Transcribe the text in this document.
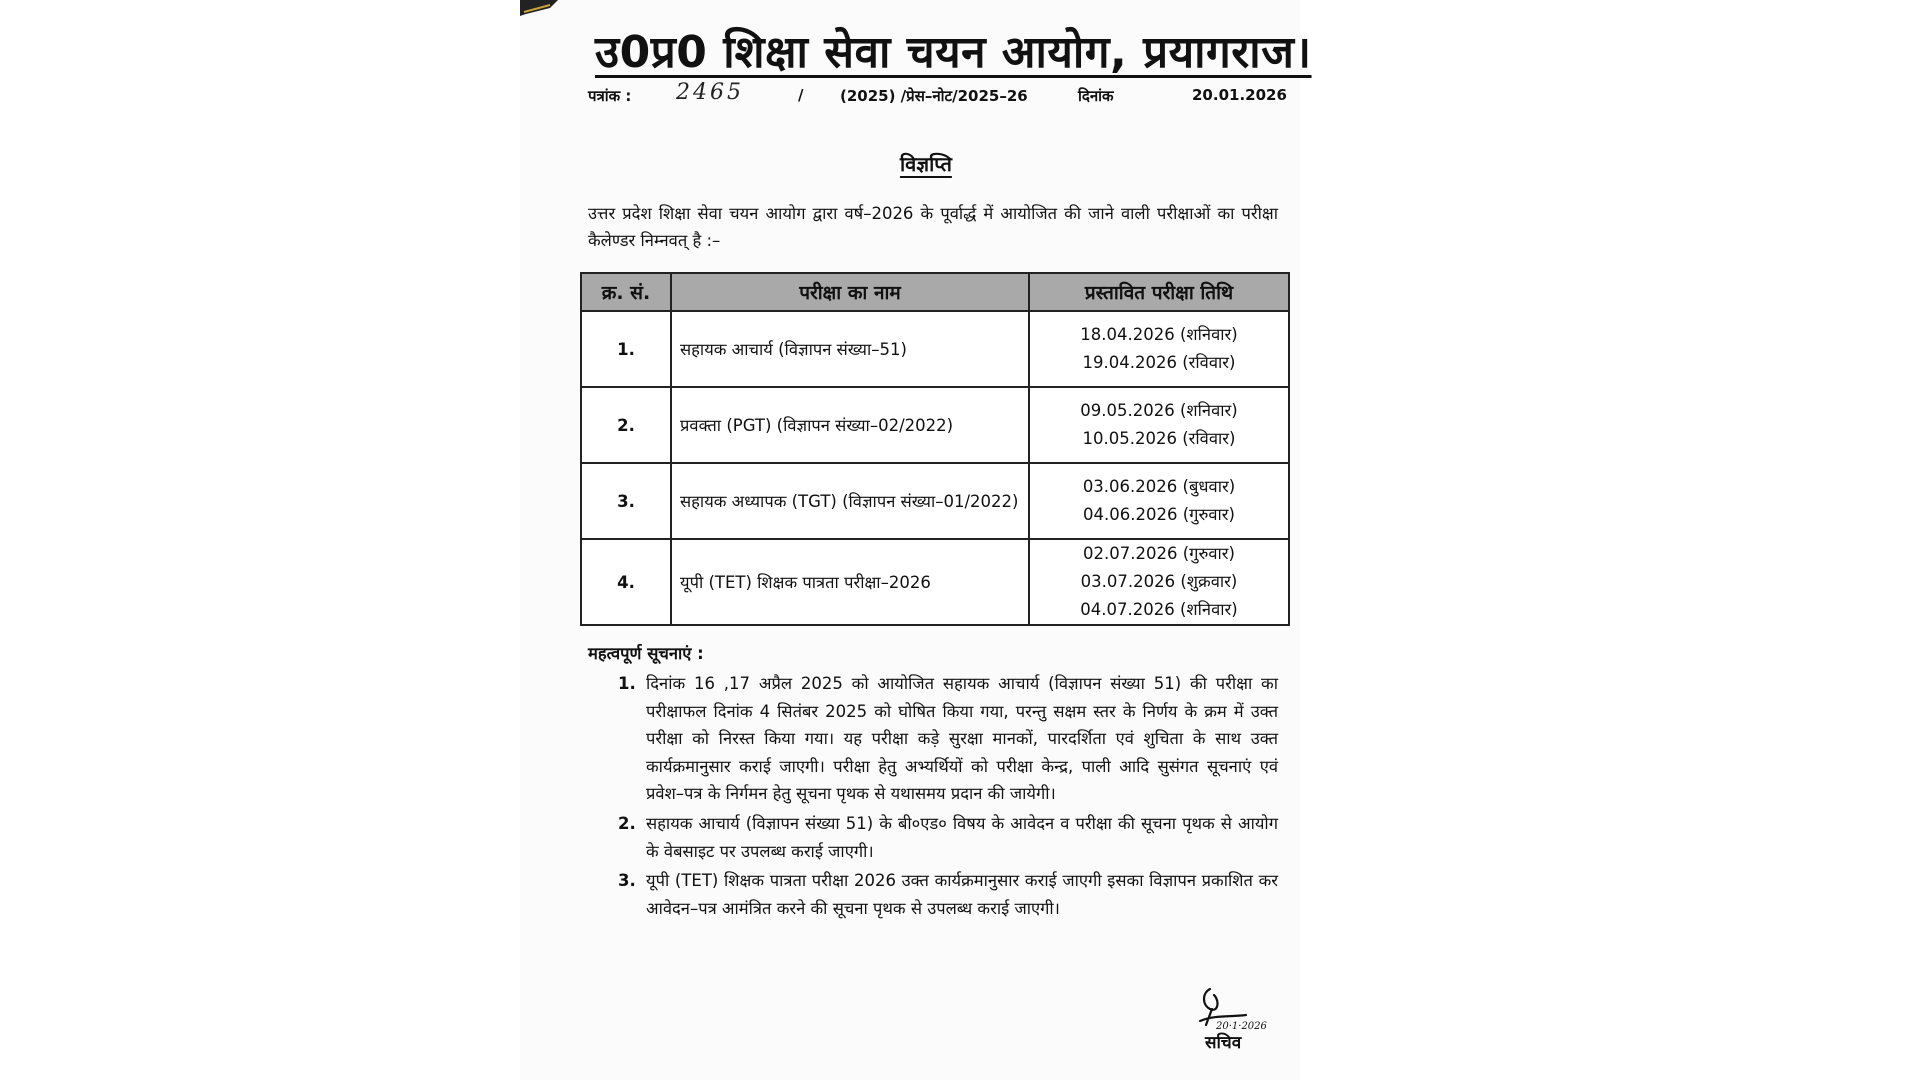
उ0प्र0 शिक्षा सेवा चयन आयोग, प्रयागराज।
पत्रांक : 2465	/ (2025) /प्रेस–नोट/2025–26	दिनांक	20.01.2026
विज्ञप्ति
उत्तर प्रदेश शिक्षा सेवा चयन आयोग द्वारा वर्ष–2026 के पूर्वार्द्ध में आयोजित की जाने वाली परीक्षाओं का परीक्षा कैलेण्डर निम्नवत् है :–
क्र. सं.	परीक्षा का नाम	प्रस्तावित परीक्षा तिथि
1.	सहायक आचार्य (विज्ञापन संख्या–51)	18.04.2026 (शनिवार)
19.04.2026 (रविवार)

2.	प्रवक्ता (PGT) (विज्ञापन संख्या–02/2022)	09.05.2026 (शनिवार)
10.05.2026 (रविवार)

3.	सहायक अध्यापक (TGT) (विज्ञापन संख्या–01/2022)	03.06.2026 (बुधवार)
04.06.2026 (गुरुवार)

4.	यूपी (TET) शिक्षक पात्रता परीक्षा–2026	02.07.2026 (गुरुवार)
03.07.2026 (शुक्रवार)
04.07.2026 (शनिवार)
महत्वपूर्ण सूचनाएं :
1. दिनांक 16 ,17 अप्रैल 2025 को आयोजित सहायक आचार्य (विज्ञापन संख्या 51) की परीक्षा का परीक्षाफल दिनांक 4 सितंबर 2025 को घोषित किया गया, परन्तु सक्षम स्तर के निर्णय के क्रम में उक्त परीक्षा को निरस्त किया गया। यह परीक्षा कड़े सुरक्षा मानकों, पारदर्शिता एवं शुचिता के साथ उक्त कार्यक्रमानुसार कराई जाएगी। परीक्षा हेतु अभ्यर्थियों को परीक्षा केन्द्र, पाली आदि सुसंगत सूचनाएं एवं प्रवेश–पत्र के निर्गमन हेतु सूचना पृथक से यथासमय प्रदान की जायेगी।
2. सहायक आचार्य (विज्ञापन संख्या 51) के बी०एड० विषय के आवेदन व परीक्षा की सूचना पृथक से आयोग के वेबसाइट पर उपलब्ध कराई जाएगी।
3. यूपी (TET) शिक्षक पात्रता परीक्षा 2026 उक्त कार्यक्रमानुसार कराई जाएगी इसका विज्ञापन प्रकाशित कर आवेदन–पत्र आमंत्रित करने की सूचना पृथक से उपलब्ध कराई जाएगी।
20·1·2026
सचिव
